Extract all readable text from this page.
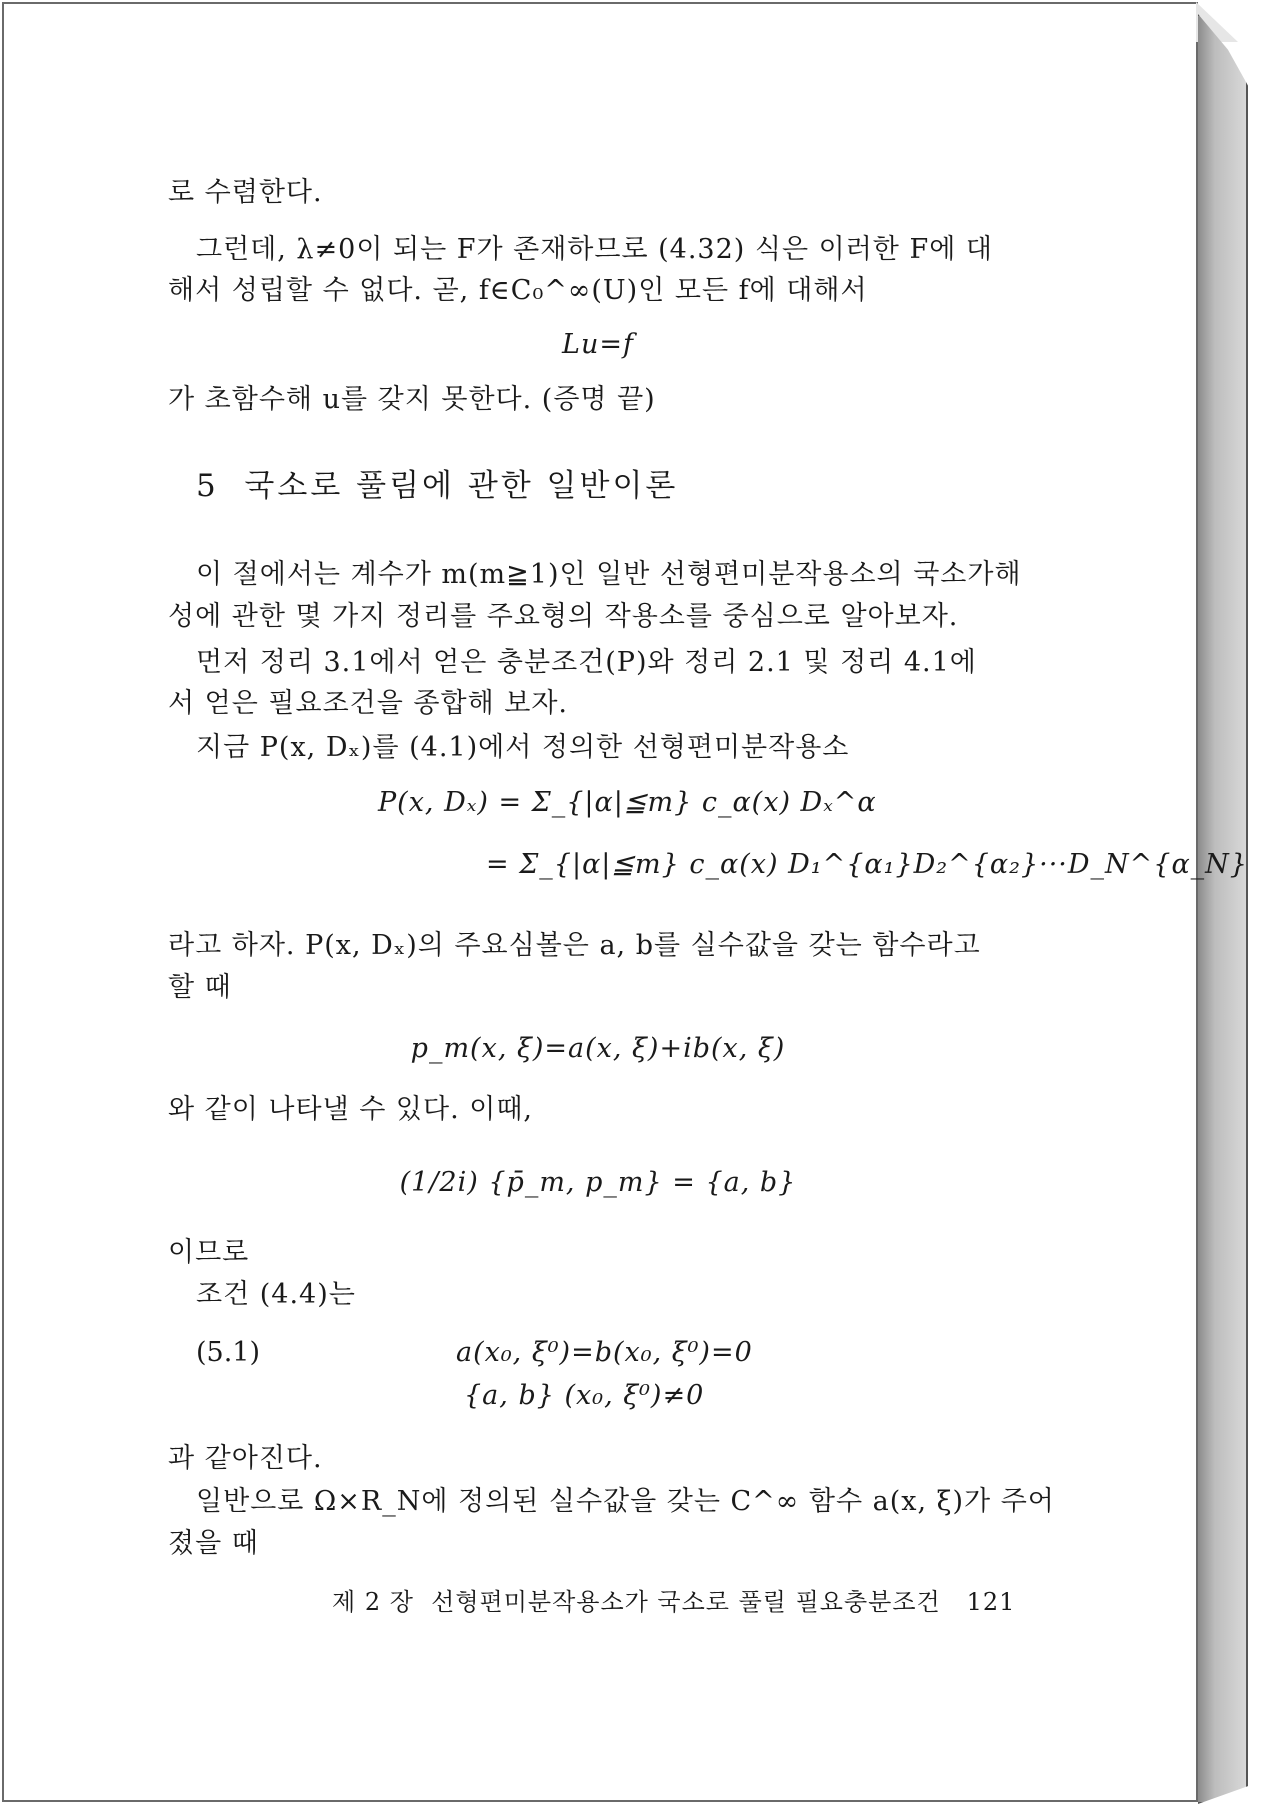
로 수렴한다.
그런데, λ≠0이 되는 F가 존재하므로 (4.32) 식은 이러한 F에 대
해서 성립할 수 없다. 곧, f∈C₀^∞(U)인 모든 f에 대해서
Lu=f
가 초함수해 u를 갖지 못한다. (증명 끝)
5  국소로 풀림에 관한 일반이론
이 절에서는 계수가 m(m≧1)인 일반 선형편미분작용소의 국소가해
성에 관한 몇 가지 정리를 주요형의 작용소를 중심으로 알아보자.
먼저 정리 3.1에서 얻은 충분조건(P)와 정리 2.1 및 정리 4.1에
서 얻은 필요조건을 종합해 보자.
지금 P(x, Dₓ)를 (4.1)에서 정의한 선형편미분작용소
P(x, Dₓ) = Σ_{|α|≦m} c_α(x) Dₓ^α
= Σ_{|α|≦m} c_α(x) D₁^{α₁}D₂^{α₂}···D_N^{α_N}
라고 하자. P(x, Dₓ)의 주요심볼은 a, b를 실수값을 갖는 함수라고
할 때
p_m(x, ξ)=a(x, ξ)+ib(x, ξ)
와 같이 나타낼 수 있다. 이때,
(1/2i) {p̄_m, p_m} = {a, b}
이므로
조건 (4.4)는
(5.1)	a(x₀, ξ⁰)=b(x₀, ξ⁰)=0
{a, b} (x₀, ξ⁰)≠0
과 같아진다.
일반으로 Ω×R_N에 정의된 실수값을 갖는 C^∞ 함수 a(x, ξ)가 주어
졌을 때
제 2 장  선형편미분작용소가 국소로 풀릴 필요충분조건   121
